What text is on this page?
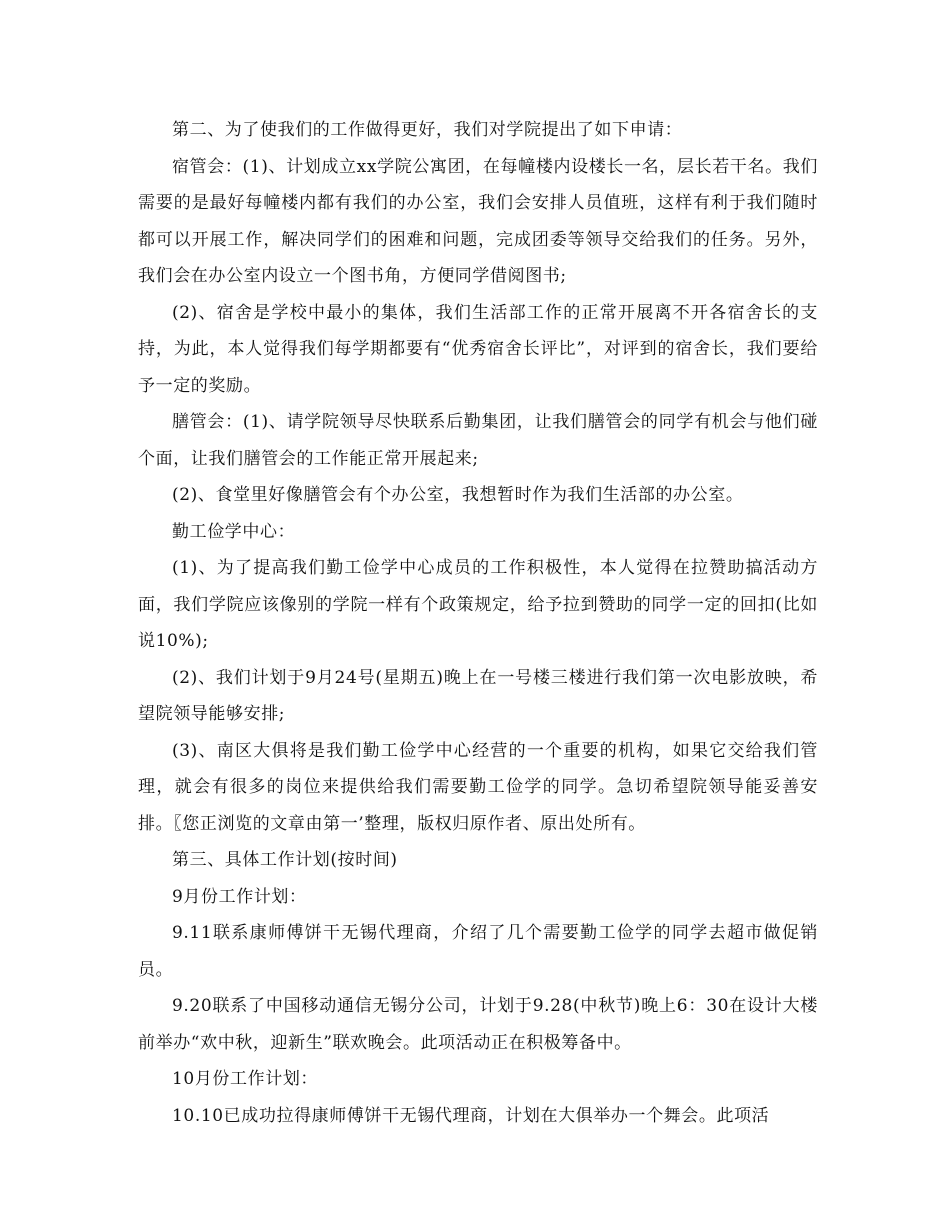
第二、为了使我们的工作做得更好，我们对学院提出了如下申请：

宿管会：(1)、计划成立xx学院公寓团，在每幢楼内设楼长一名，层长若干名。我们需要的是最好每幢楼内都有我们的办公室，我们会安排人员值班，这样有利于我们随时都可以开展工作，解决同学们的困难和问题，完成团委等领导交给我们的任务。另外，我们会在办公室内设立一个图书角，方便同学借阅图书;

(2)、宿舍是学校中最小的集体，我们生活部工作的正常开展离不开各宿舍长的支持，为此，本人觉得我们每学期都要有“优秀宿舍长评比”，对评到的宿舍长，我们要给予一定的奖励。

膳管会：(1)、请学院领导尽快联系后勤集团，让我们膳管会的同学有机会与他们碰个面，让我们膳管会的工作能正常开展起来;

(2)、食堂里好像膳管会有个办公室，我想暂时作为我们生活部的办公室。

勤工俭学中心：

(1)、为了提高我们勤工俭学中心成员的工作积极性，本人觉得在拉赞助搞活动方面，我们学院应该像别的学院一样有个政策规定，给予拉到赞助的同学一定的回扣(比如说10%);

(2)、我们计划于9月24号(星期五)晚上在一号楼三楼进行我们第一次电影放映，希望院领导能够安排;

(3)、南区大俱将是我们勤工俭学中心经营的一个重要的机构，如果它交给我们管理，就会有很多的岗位来提供给我们需要勤工俭学的同学。急切希望院领导能妥善安排。〖您正浏览的文章由第一’整理，版权归原作者、原出处所有。

第三、具体工作计划(按时间)

9月份工作计划：

9.11联系康师傅饼干无锡代理商，介绍了几个需要勤工俭学的同学去超市做促销员。

9.20联系了中国移动通信无锡分公司，计划于9.28(中秋节)晚上6：30在设计大楼前举办“欢中秋，迎新生”联欢晚会。此项活动正在积极筹备中。

10月份工作计划：

10.10已成功拉得康师傅饼干无锡代理商，计划在大俱举办一个舞会。此项活
